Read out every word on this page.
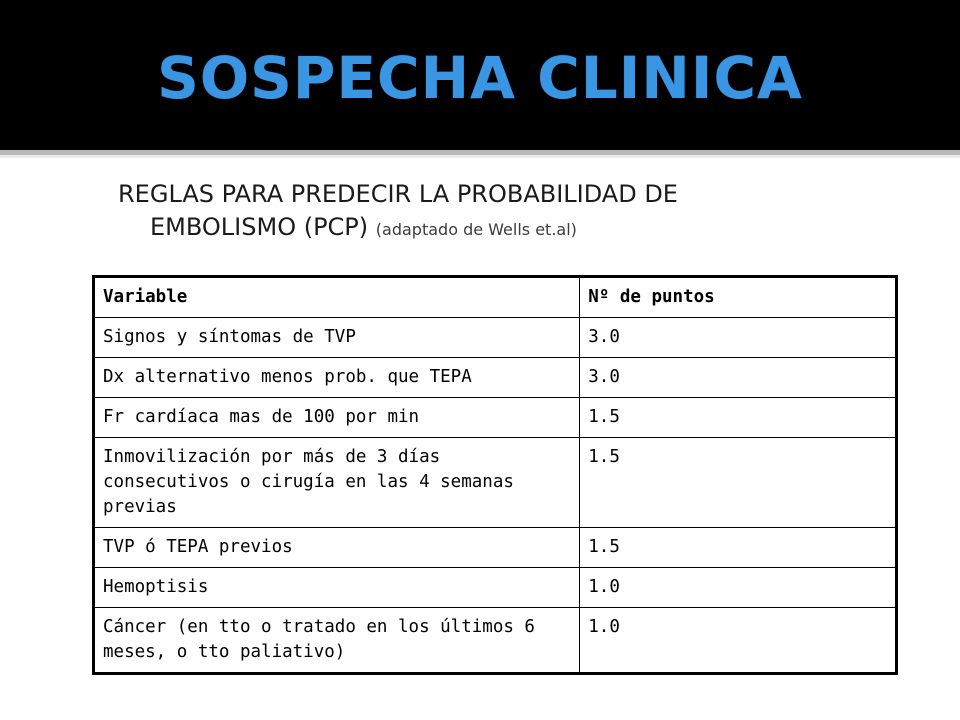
SOSPECHA CLINICA
REGLAS PARA PREDECIR LA PROBABILIDAD DE
EMBOLISMO (PCP) (adaptado de Wells et.al)
Variable	Nº de puntos
Signos y síntomas de TVP	3.0
Dx alternativo menos prob. que TEPA	3.0
Fr cardíaca mas de 100 por min	1.5
Inmovilización por más de 3 días consecutivos o cirugía en las 4 semanas previas	1.5
TVP ó TEPA previos	1.5
Hemoptisis	1.0
Cáncer (en tto o tratado en los últimos 6 meses, o tto paliativo)	1.0
